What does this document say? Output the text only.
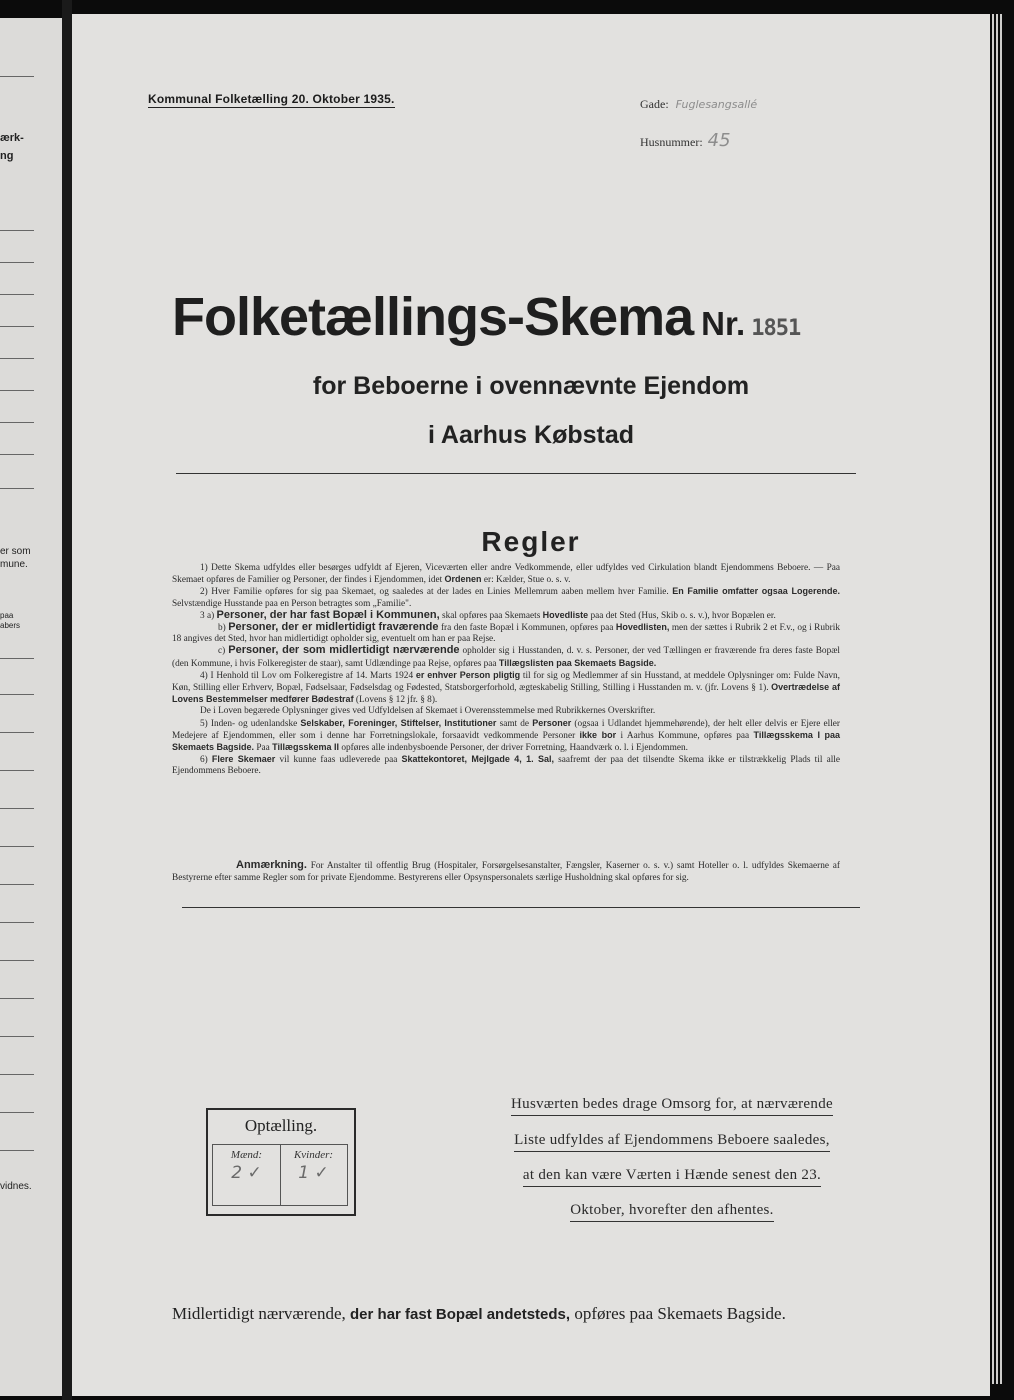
ærk-
ng
er som
mune.
paa
abers
vidnes.
Kommunal Folketælling 20. Oktober 1935.	Gade: Fuglesangsallé
Husnummer: 45
Folketællings-Skema Nr. 1851
for Beboerne i ovennævnte Ejendom
i Aarhus Købstad
Regler

1) Dette Skema udfyldes eller besørges udfyldt af Ejeren, Viceværten eller andre Vedkommende, eller udfyldes ved Cirkulation blandt Ejendommens Beboere. — Paa Skemaet opføres de Familier og Personer, der findes i Ejendommen, idet Ordenen er: Kælder, Stue o. s. v.

2) Hver Familie opføres for sig paa Skemaet, og saaledes at der lades en Linies Mellemrum aaben mellem hver Familie. En Familie omfatter ogsaa Logerende. Selvstændige Husstande paa en Person betragtes som „Familie".

3 a) Personer, der har fast Bopæl i Kommunen, skal opføres paa Skemaets Hovedliste paa det Sted (Hus, Skib o. s. v.), hvor Bopælen er.

b) Personer, der er midlertidigt fraværende fra den faste Bopæl i Kommunen, opføres paa Hovedlisten, men der sættes i Rubrik 2 et F.v., og i Rubrik 18 angives det Sted, hvor han midlertidigt opholder sig, eventuelt om han er paa Rejse.

c) Personer, der som midlertidigt nærværende opholder sig i Husstanden, d. v. s. Personer, der ved Tællingen er fraværende fra deres faste Bopæl (den Kommune, i hvis Folkeregister de staar), samt Udlændinge paa Rejse, opføres paa Tillægslisten paa Skemaets Bagside.

4) I Henhold til Lov om Folkeregistre af 14. Marts 1924 er enhver Person pligtig til for sig og Medlemmer af sin Husstand, at meddele Oplysninger om: Fulde Navn, Køn, Stilling eller Erhverv, Bopæl, Fødselsaar, Fødselsdag og Fødested, Statsborgerforhold, ægteskabelig Stilling, Stilling i Husstanden m. v. (jfr. Lovens § 1). Overtrædelse af Lovens Bestemmelser medfører Bødestraf (Lovens § 12 jfr. § 8).

De i Loven begærede Oplysninger gives ved Udfyldelsen af Skemaet i Overensstemmelse med Rubrikkernes Overskrifter.

5) Inden- og udenlandske Selskaber, Foreninger, Stiftelser, Institutioner samt de Personer (ogsaa i Udlandet hjemmehørende), der helt eller delvis er Ejere eller Medejere af Ejendommen, eller som i denne har Forretningslokale, forsaavidt vedkommende Personer ikke bor i Aarhus Kommune, opføres paa Tillægsskema I paa Skemaets Bagside. Paa Tillægsskema II opføres alle indenbysboende Personer, der driver Forretning, Haandværk o. l. i Ejendommen.

6) Flere Skemaer vil kunne faas udleverede paa Skattekontoret, Mejlgade 4, 1. Sal, saafremt der paa det tilsendte Skema ikke er tilstrækkelig Plads til alle Ejendommens Beboere.

Anmærkning. For Anstalter til offentlig Brug (Hospitaler, Forsørgelsesanstalter, Fængsler, Kaserner o. s. v.) samt Hoteller o. l. udfyldes Skemaerne af Bestyrerne efter samme Regler som for private Ejendomme. Bestyrerens eller Opsynspersonalets særlige Husholdning skal opføres for sig.
Optælling.
Mænd:	Kvinder:
2 ✓	1 ✓
Husværten bedes drage Omsorg for, at nærværende
Liste udfyldes af Ejendommens Beboere saaledes,
at den kan være Værten i Hænde senest den 23.
Oktober, hvorefter den afhentes.
Midlertidigt nærværende, der har fast Bopæl andetsteds, opføres paa Skemaets Bagside.
